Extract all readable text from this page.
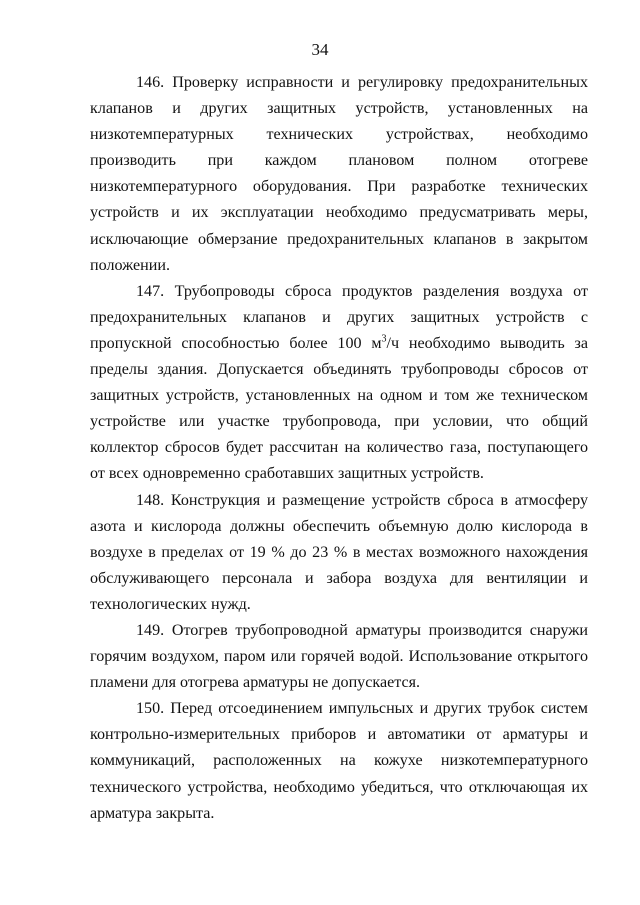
34

146. Проверку исправности и регулировку предохранительных клапанов и других защитных устройств, установленных на низкотемпературных технических устройствах, необходимо производить при каждом плановом полном отогреве низкотемпературного оборудования. При разработке технических устройств и их эксплуатации необходимо предусматривать меры, исключающие обмерзание предохранительных клапанов в закрытом положении.

147. Трубопроводы сброса продуктов разделения воздуха от предохранительных клапанов и других защитных устройств с пропускной способностью более 100 $м^3/ч$ необходимо выводить за пределы здания. Допускается объединять трубопроводы сбросов от защитных устройств, установленных на одном и том же техническом устройстве или участке трубопровода, при условии, что общий коллектор сбросов будет рассчитан на количество газа, поступающего от всех одновременно сработавших защитных устройств.

148. Конструкция и размещение устройств сброса в атмосферу азота и кислорода должны обеспечить объемную долю кислорода в воздухе в пределах от 19 % до 23 % в местах возможного нахождения обслуживающего персонала и забора воздуха для вентиляции и технологических нужд.

149. Отогрев трубопроводной арматуры производится снаружи горячим воздухом, паром или горячей водой. Использование открытого пламени для отогрева арматуры не допускается.

150. Перед отсоединением импульсных и других трубок систем контрольно-измерительных приборов и автоматики от арматуры и коммуникаций, расположенных на кожухе низкотемпературного технического устройства, необходимо убедиться, что отключающая их арматура закрыта.
